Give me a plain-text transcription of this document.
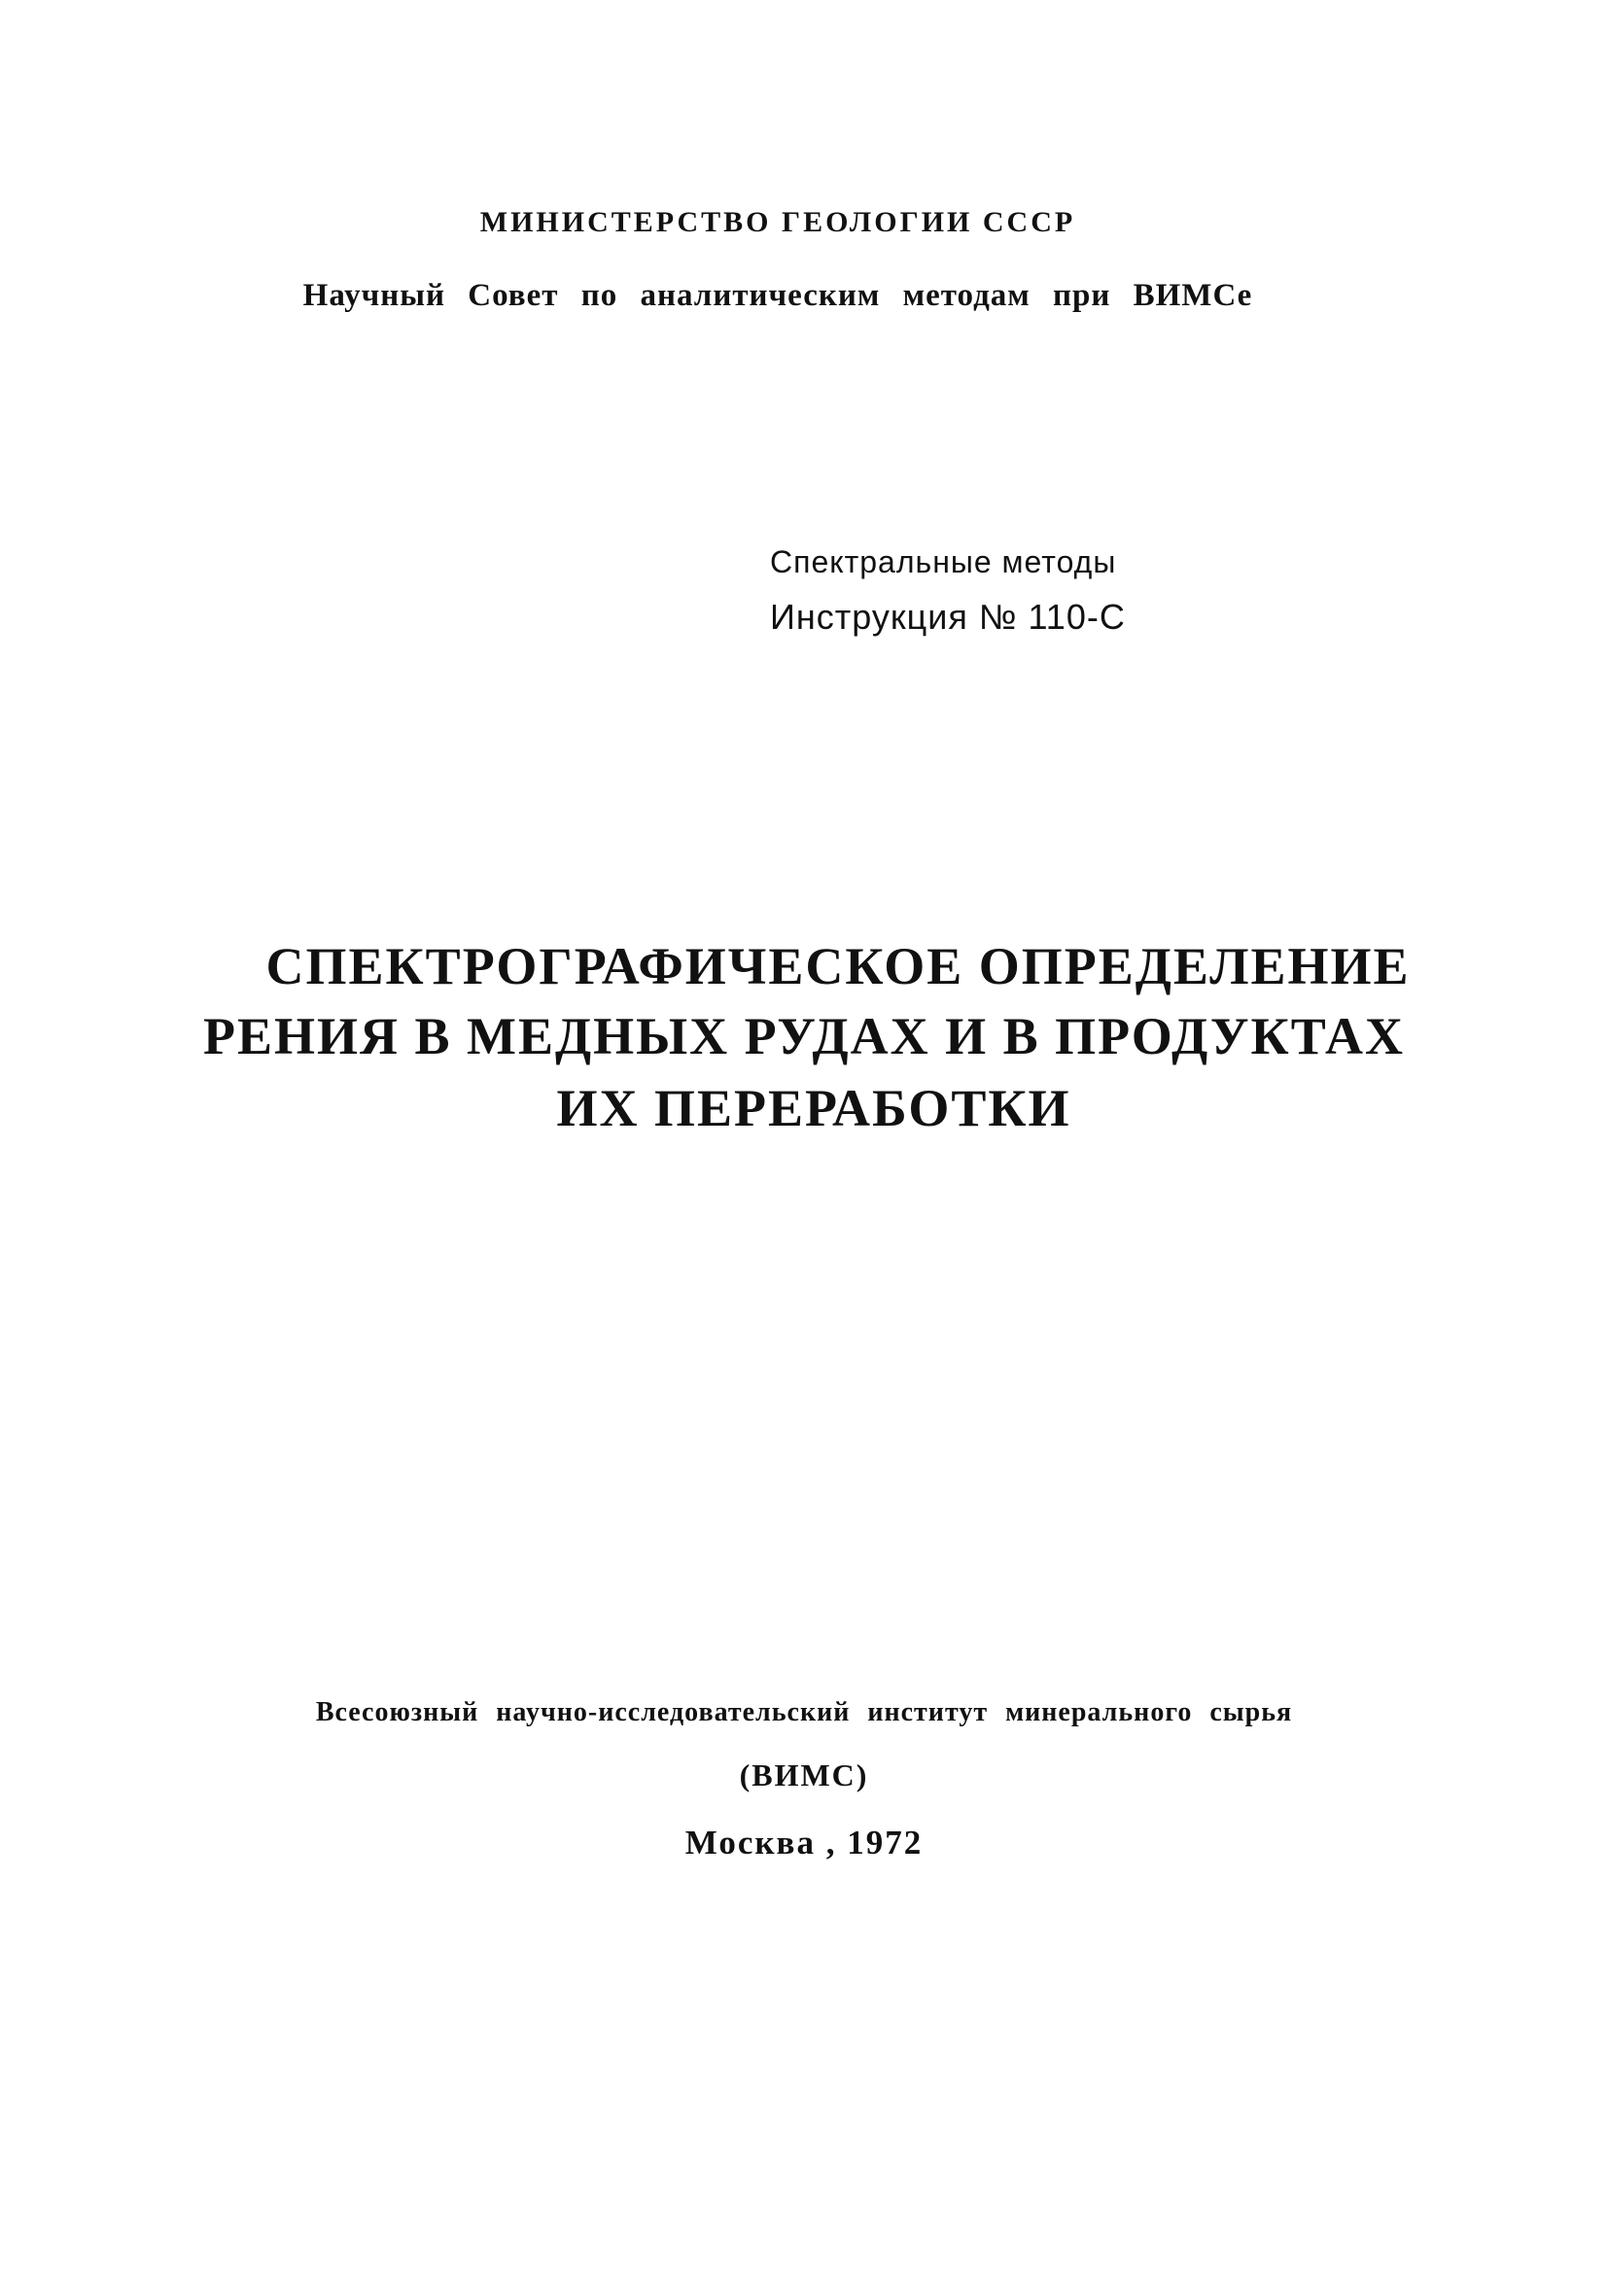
МИНИСТЕРСТВО ГЕОЛОГИИ СССР

Научный Совет по аналитическим методам при ВИМСе

Спектральные методы

Инструкция № 110-С

СПЕКТРОГРАФИЧЕСКОЕ ОПРЕДЕЛЕНИЕ
РЕНИЯ В МЕДНЫХ РУДАХ И В ПРОДУКТАХ
ИХ ПЕРЕРАБОТКИ

Всесоюзный научно-исследовательский институт минерального сырья

(ВИМС)

Москва , 1972
